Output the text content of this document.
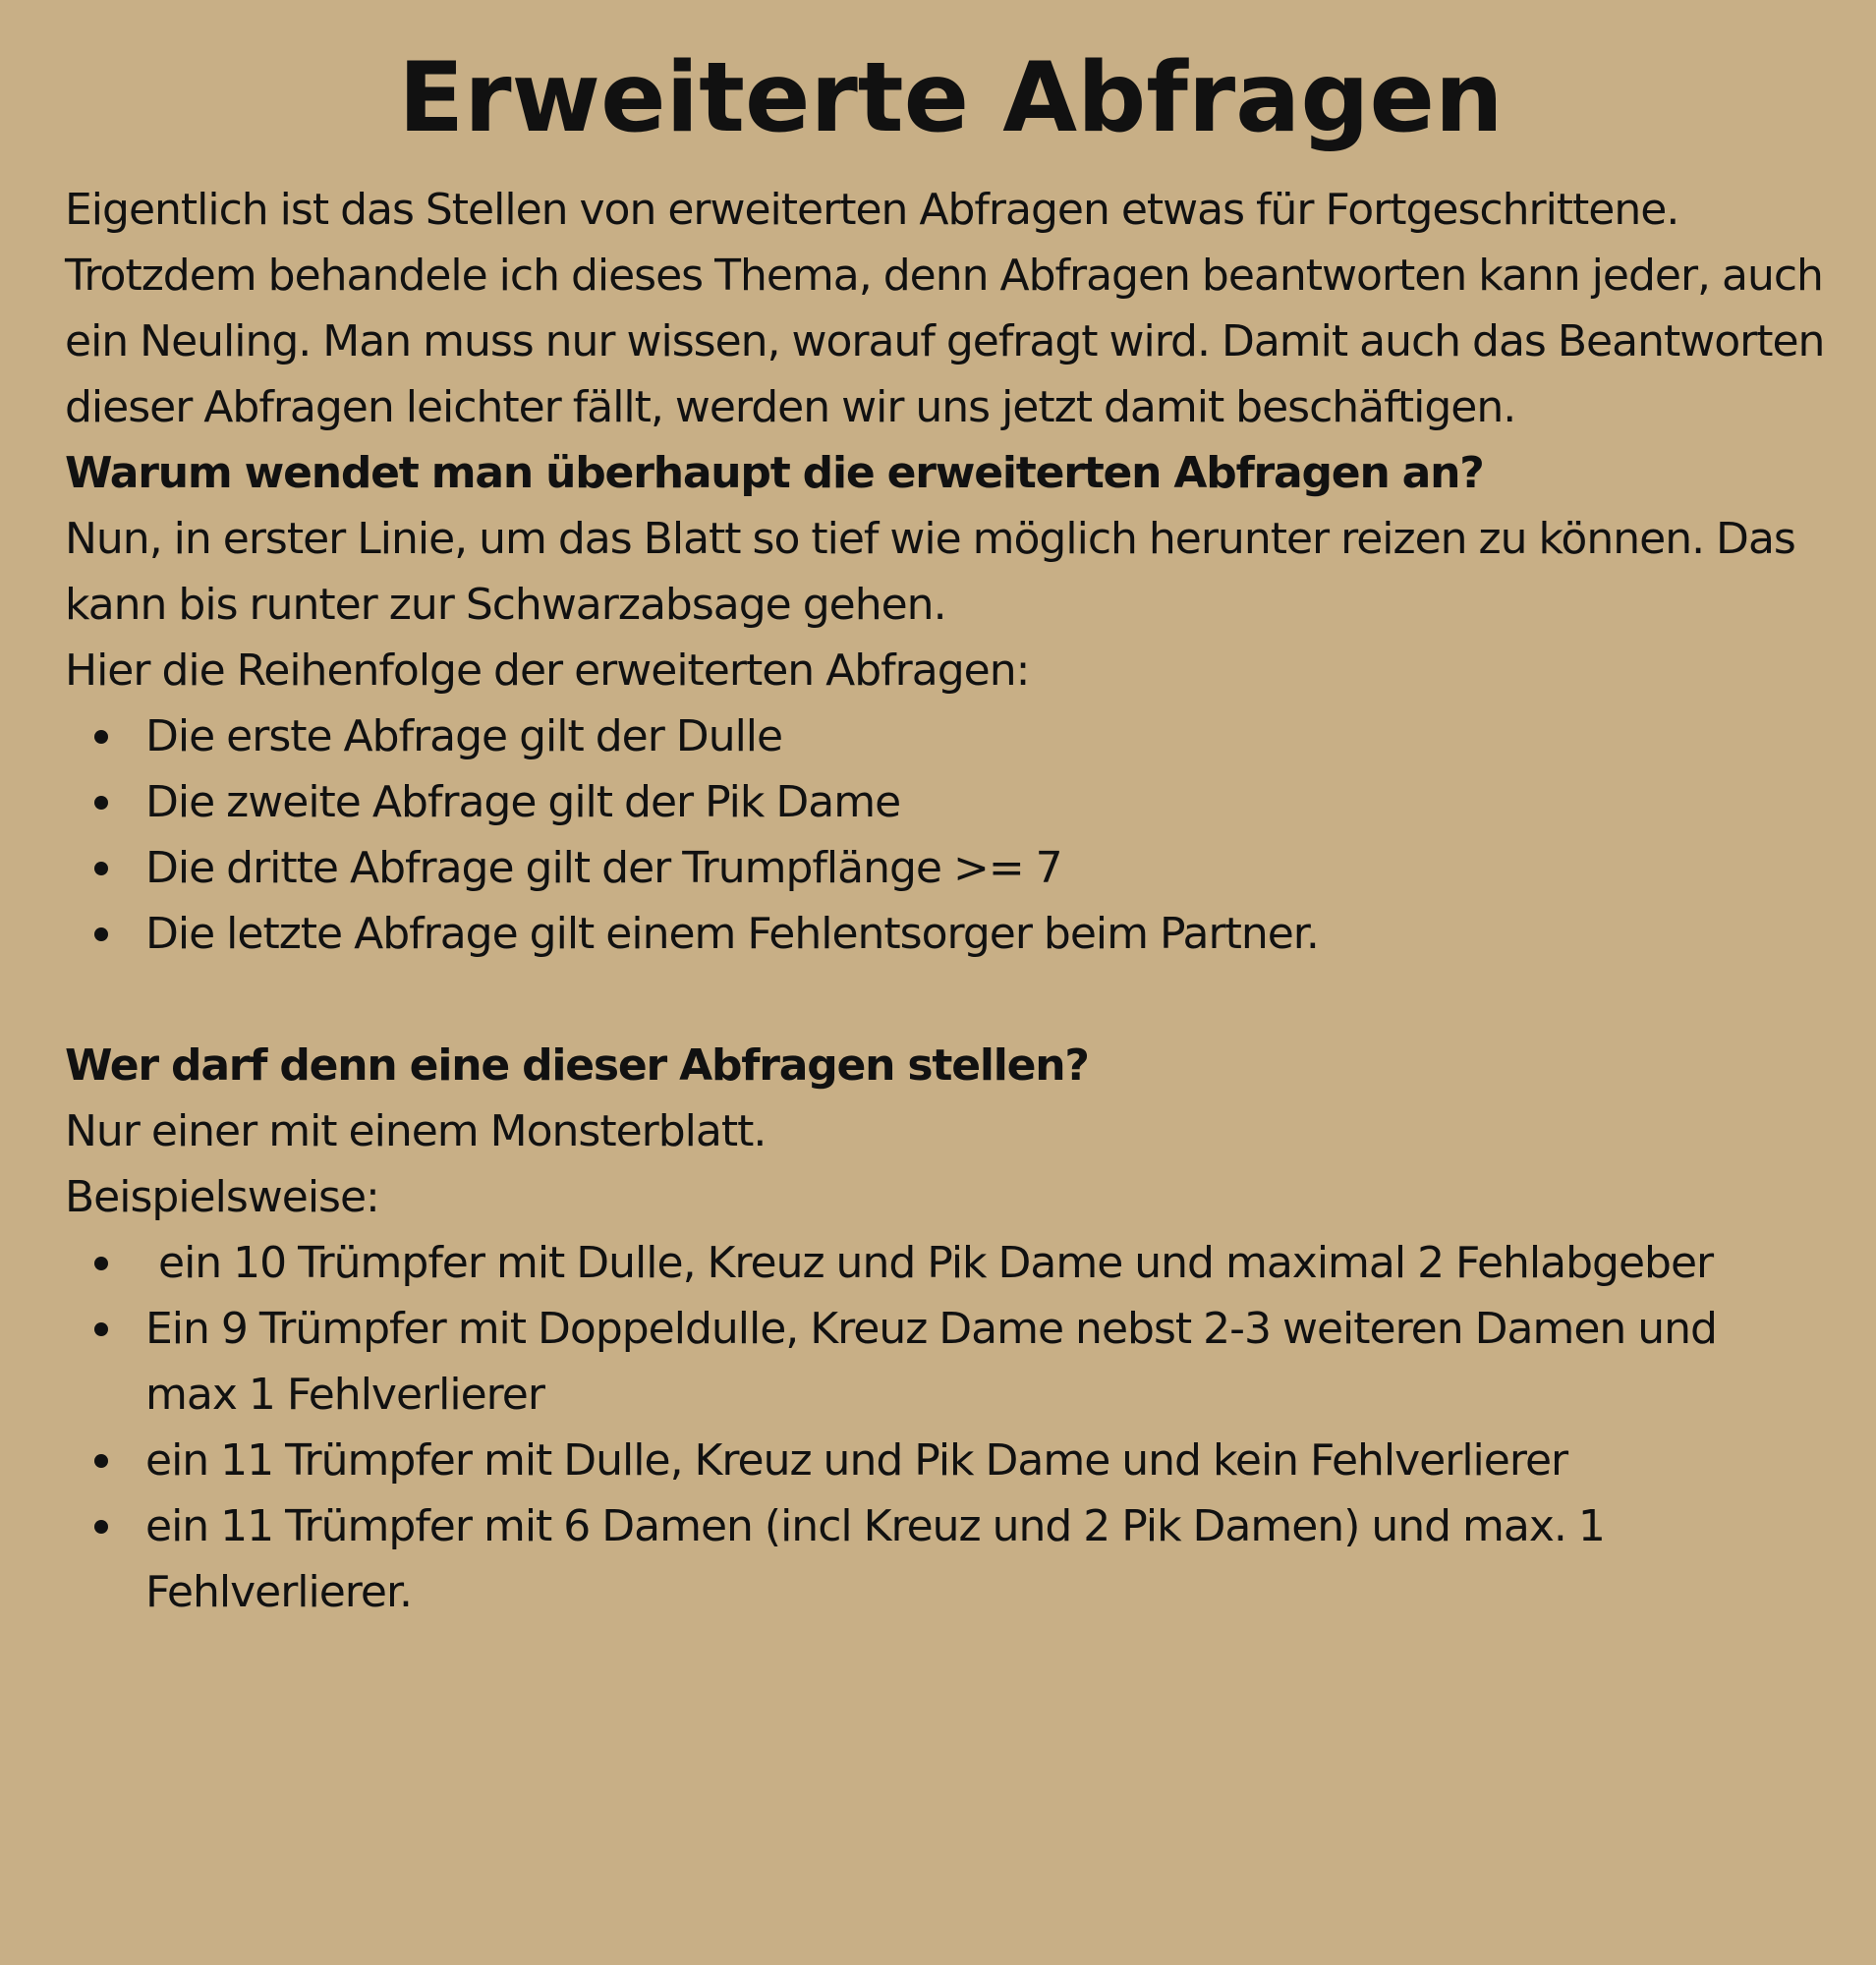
Erweiterte Abfragen

Eigentlich ist das Stellen von erweiterten Abfragen etwas für Fortgeschrittene. Trotzdem behandele ich dieses Thema, denn Abfragen beantworten kann jeder, auch ein Neuling. Man muss nur wissen, worauf gefragt wird. Damit auch das Beantworten dieser Abfragen leichter fällt, werden wir uns jetzt damit beschäftigen.

Warum wendet man überhaupt die erweiterten Abfragen an?

Nun, in erster Linie, um das Blatt so tief wie möglich herunter reizen zu können. Das kann bis runter zur Schwarzabsage gehen.

Hier die Reihenfolge der erweiterten Abfragen:

Die erste Abfrage gilt der Dulle
Die zweite Abfrage gilt der Pik Dame
Die dritte Abfrage gilt der Trumpflänge >= 7
Die letzte Abfrage gilt einem Fehlentsorger beim Partner.

Wer darf denn eine dieser Abfragen stellen?

Nur einer mit einem Monsterblatt.

Beispielsweise:

ein 10 Trümpfer mit Dulle, Kreuz und Pik Dame und maximal 2 Fehlabgeber
Ein 9 Trümpfer mit Doppeldulle, Kreuz Dame nebst 2-3 weiteren Damen und max 1 Fehlverlierer
ein 11 Trümpfer mit Dulle, Kreuz und Pik Dame und kein Fehlverlierer
ein 11 Trümpfer mit 6 Damen (incl Kreuz und 2 Pik Damen) und max. 1 Fehlverlierer.
